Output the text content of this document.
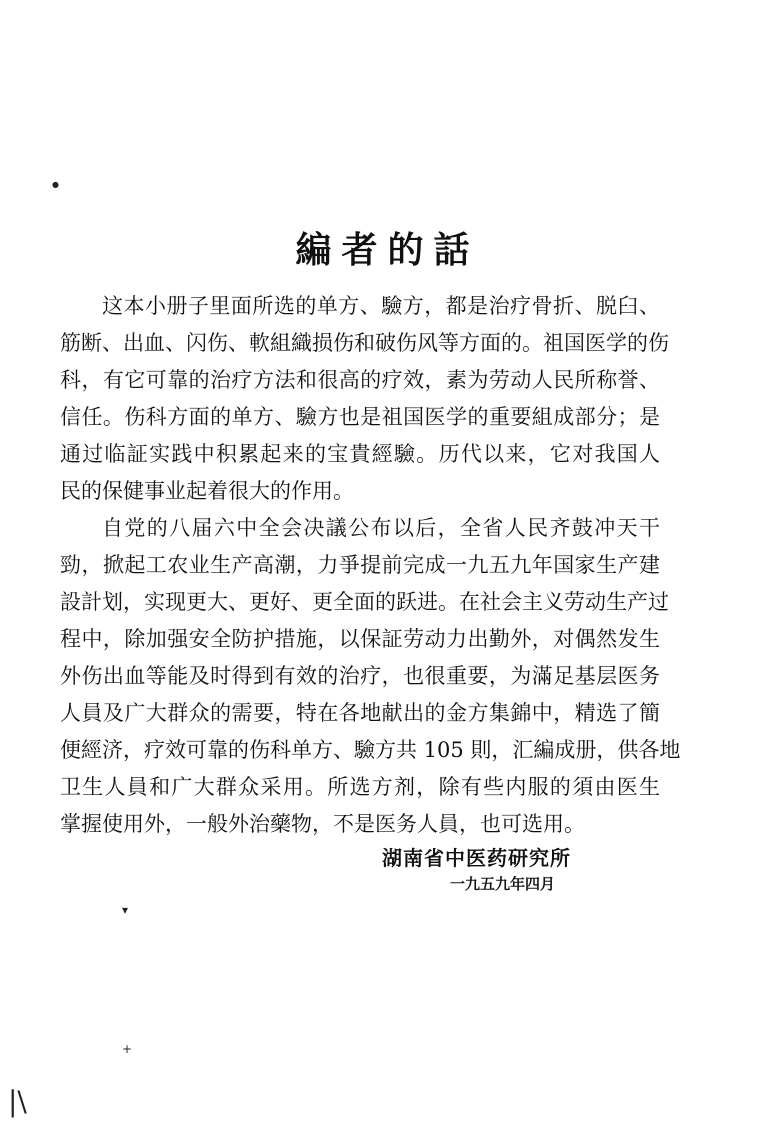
編者的話
这本小册子里面所选的单方、驗方，都是治疗骨折、脱臼、
筋断、出血、闪伤、軟組織损伤和破伤风等方面的。祖国医学的伤
科，有它可靠的治疗方法和很高的疗效，素为劳动人民所称誉、
信任。伤科方面的单方、驗方也是祖国医学的重要組成部分；是
通过临証实践中积累起来的宝貴經驗。历代以来，它对我国人
民的保健事业起着很大的作用。
自党的八届六中全会决議公布以后，全省人民齐鼓冲天干
勁，掀起工农业生产高潮，力爭提前完成一九五九年国家生产建
設計划，实现更大、更好、更全面的跃进。在社会主义劳动生产过
程中，除加强安全防护措施，以保証劳动力出勤外，对偶然发生
外伤出血等能及时得到有效的治疗，也很重要，为滿足基层医务
人員及广大群众的需要，特在各地献出的金方集錦中，精选了簡
便經济，疗效可靠的伤科单方、驗方共 105 則，汇編成册，供各地
卫生人員和广大群众采用。所选方剂，除有些内服的須由医生
掌握使用外，一般外治藥物，不是医务人員，也可选用。
湖南省中医药研究所
一九五九年四月
▾
+
|\
●
